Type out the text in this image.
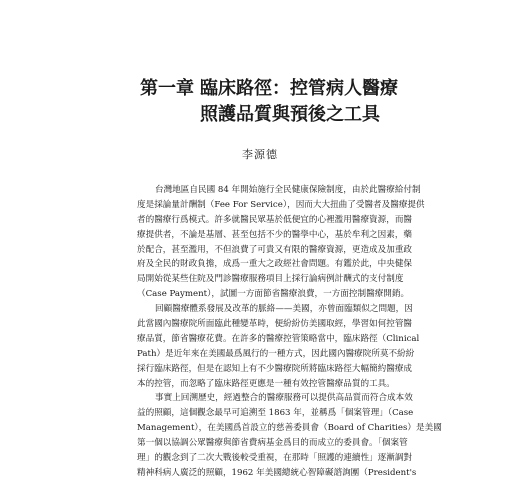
第一章 臨床路徑：控管病人醫療
照護品質與預後之工具
李源德
台灣地區自民國 84 年開始施行全民健康保險制度，由於此醫療給付制
度是採論量計酬制（Fee For Service），因而大大扭曲了受醫者及醫療提供
者的醫療行爲模式。許多就醫民眾基於低便宜的心裡濫用醫療資源，而醫
療提供者，不論是基層、甚至包括不少的醫學中心，基於牟利之因素，藥
於配合，甚至濫用，不但浪費了可貴又有限的醫療資源，更造成及加重政
府及全民的財政負擔，成爲一重大之政經社會問題。有鑑於此，中央健保
局開始從某些住院及門診醫療服務項目上採行論病例計酬式的支付制度
（Case Payment），試圖一方面節省醫療浪費，一方面控制醫療開銷。
回顧醫療體系發展及改革的脈絡——美國，亦曾面臨類似之問題，因
此當國內醫療院所面臨此種變革時，便紛紛仿美國取經，學習如何控管醫
療品質，節省醫療花費。在許多的醫療控管策略當中，臨床路徑（Clinical
Path）是近年來在美國最爲風行的一種方式，因此國內醫療院所莫不紛紛
採行臨床路徑，但是在認知上有不少醫療院所將臨床路徑大幅簡約醫療成
本的控管，而忽略了臨床路徑更應是一種有效控管醫療品質的工具。
事實上回溯歷史，經過整合的醫療服務可以提供高品質而符合成本效
益的照顧，這個觀念最早可追溯至 1863 年，並稱爲「個案管理」（Case
Management），在美國爲首設立的慈善委員會（Board of Charities）是美國
第一個以協調公眾醫療與節省費病基金爲目的而成立的委員會。「個案管
理」的觀念到了二次大戰後較受重視，在那時「照護的連續性」逐漸調對
精神科病人廣泛的照顧，1962 年美國總統心智障礙諮詢團（President's
